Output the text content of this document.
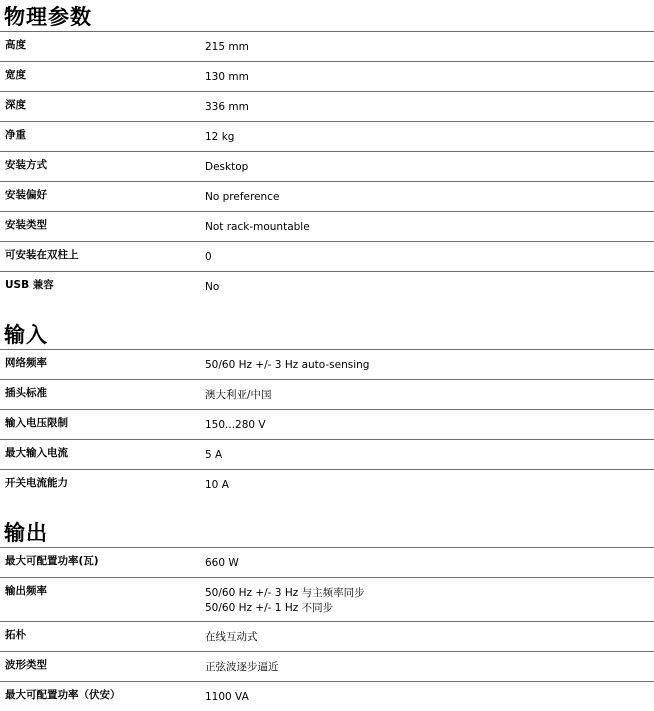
物理参数
高度	215 mm
宽度	130 mm
深度	336 mm
净重	12 kg
安装方式	Desktop
安装偏好	No preference
安装类型	Not rack-mountable
可安装在双柱上	0
USB 兼容	No
输入
网络频率	50/60 Hz +/- 3 Hz auto-sensing
插头标准	澳大利亚/中国
输入电压限制	150...280 V
最大输入电流	5 A
开关电流能力	10 A
输出
最大可配置功率(瓦)	660 W
输出频率	50/60 Hz +/- 3 Hz 与主频率同步
50/60 Hz +/- 1 Hz 不同步
拓朴	在线互动式
波形类型	正弦波逐步逼近
最大可配置功率（伏安）	1100 VA
